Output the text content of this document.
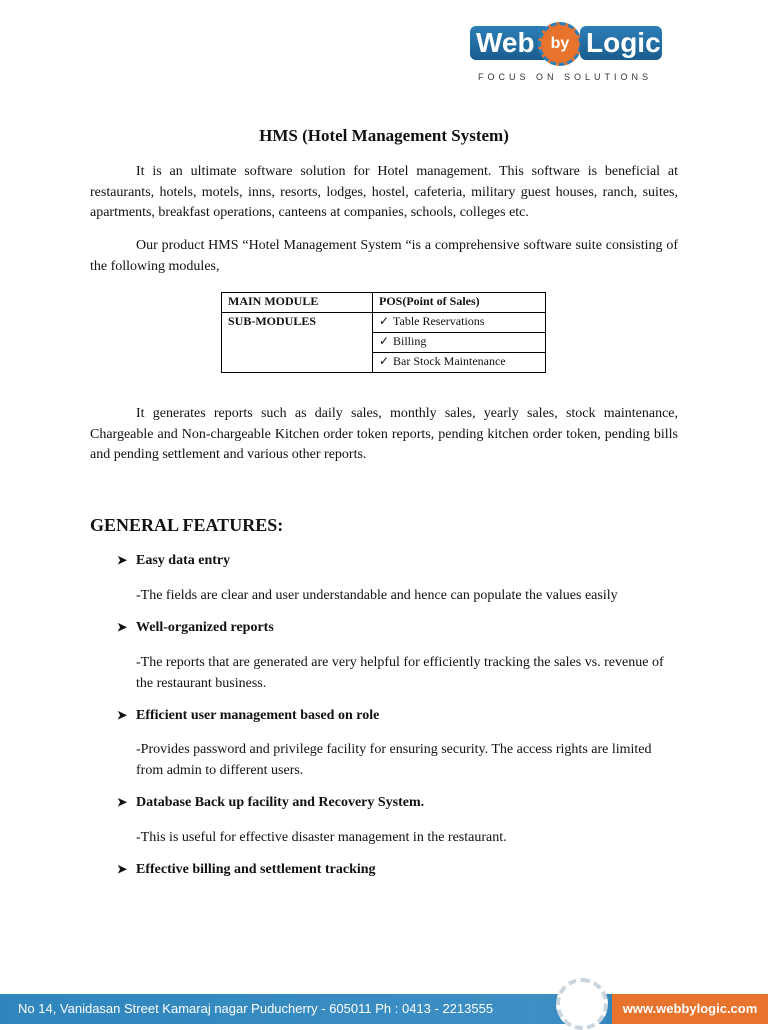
Web	by Logic
FOCUS ON SOLUTIONS
HMS (Hotel Management System)

It is an ultimate software solution for Hotel management. This software is beneficial at restaurants, hotels, motels, inns, resorts, lodges, hostel, cafeteria, military guest houses, ranch, suites, apartments, breakfast operations, canteens at companies, schools, colleges etc.

Our product HMS “Hotel Management System “is a comprehensive software suite consisting of the following modules,

MAIN MODULE	POS(Point of Sales)
SUB-MODULES	✓ Table Reservations
	✓ Billing
	✓ Bar Stock Maintenance

It generates reports such as daily sales, monthly sales, yearly sales, stock maintenance, Chargeable and Non-chargeable Kitchen order token reports, pending kitchen order token, pending bills and pending settlement and various other reports.

GENERAL FEATURES:
➤ Easy data entry

-The fields are clear and user understandable and hence can populate the values easily

➤ Well-organized reports

-The reports that are generated are very helpful for efficiently tracking the sales vs. revenue of the restaurant business.

➤ Efficient user management based on role

-Provides password and privilege facility for ensuring security. The access rights are limited from admin to different users.

➤ Database Back up facility and Recovery System.

-This is useful for effective disaster management in the restaurant.

➤ Effective billing and settlement tracking
No 14, Vanidasan Street Kamaraj nagar Puducherry - 605011 Ph : 0413 - 2213555	www.webbylogic.com
